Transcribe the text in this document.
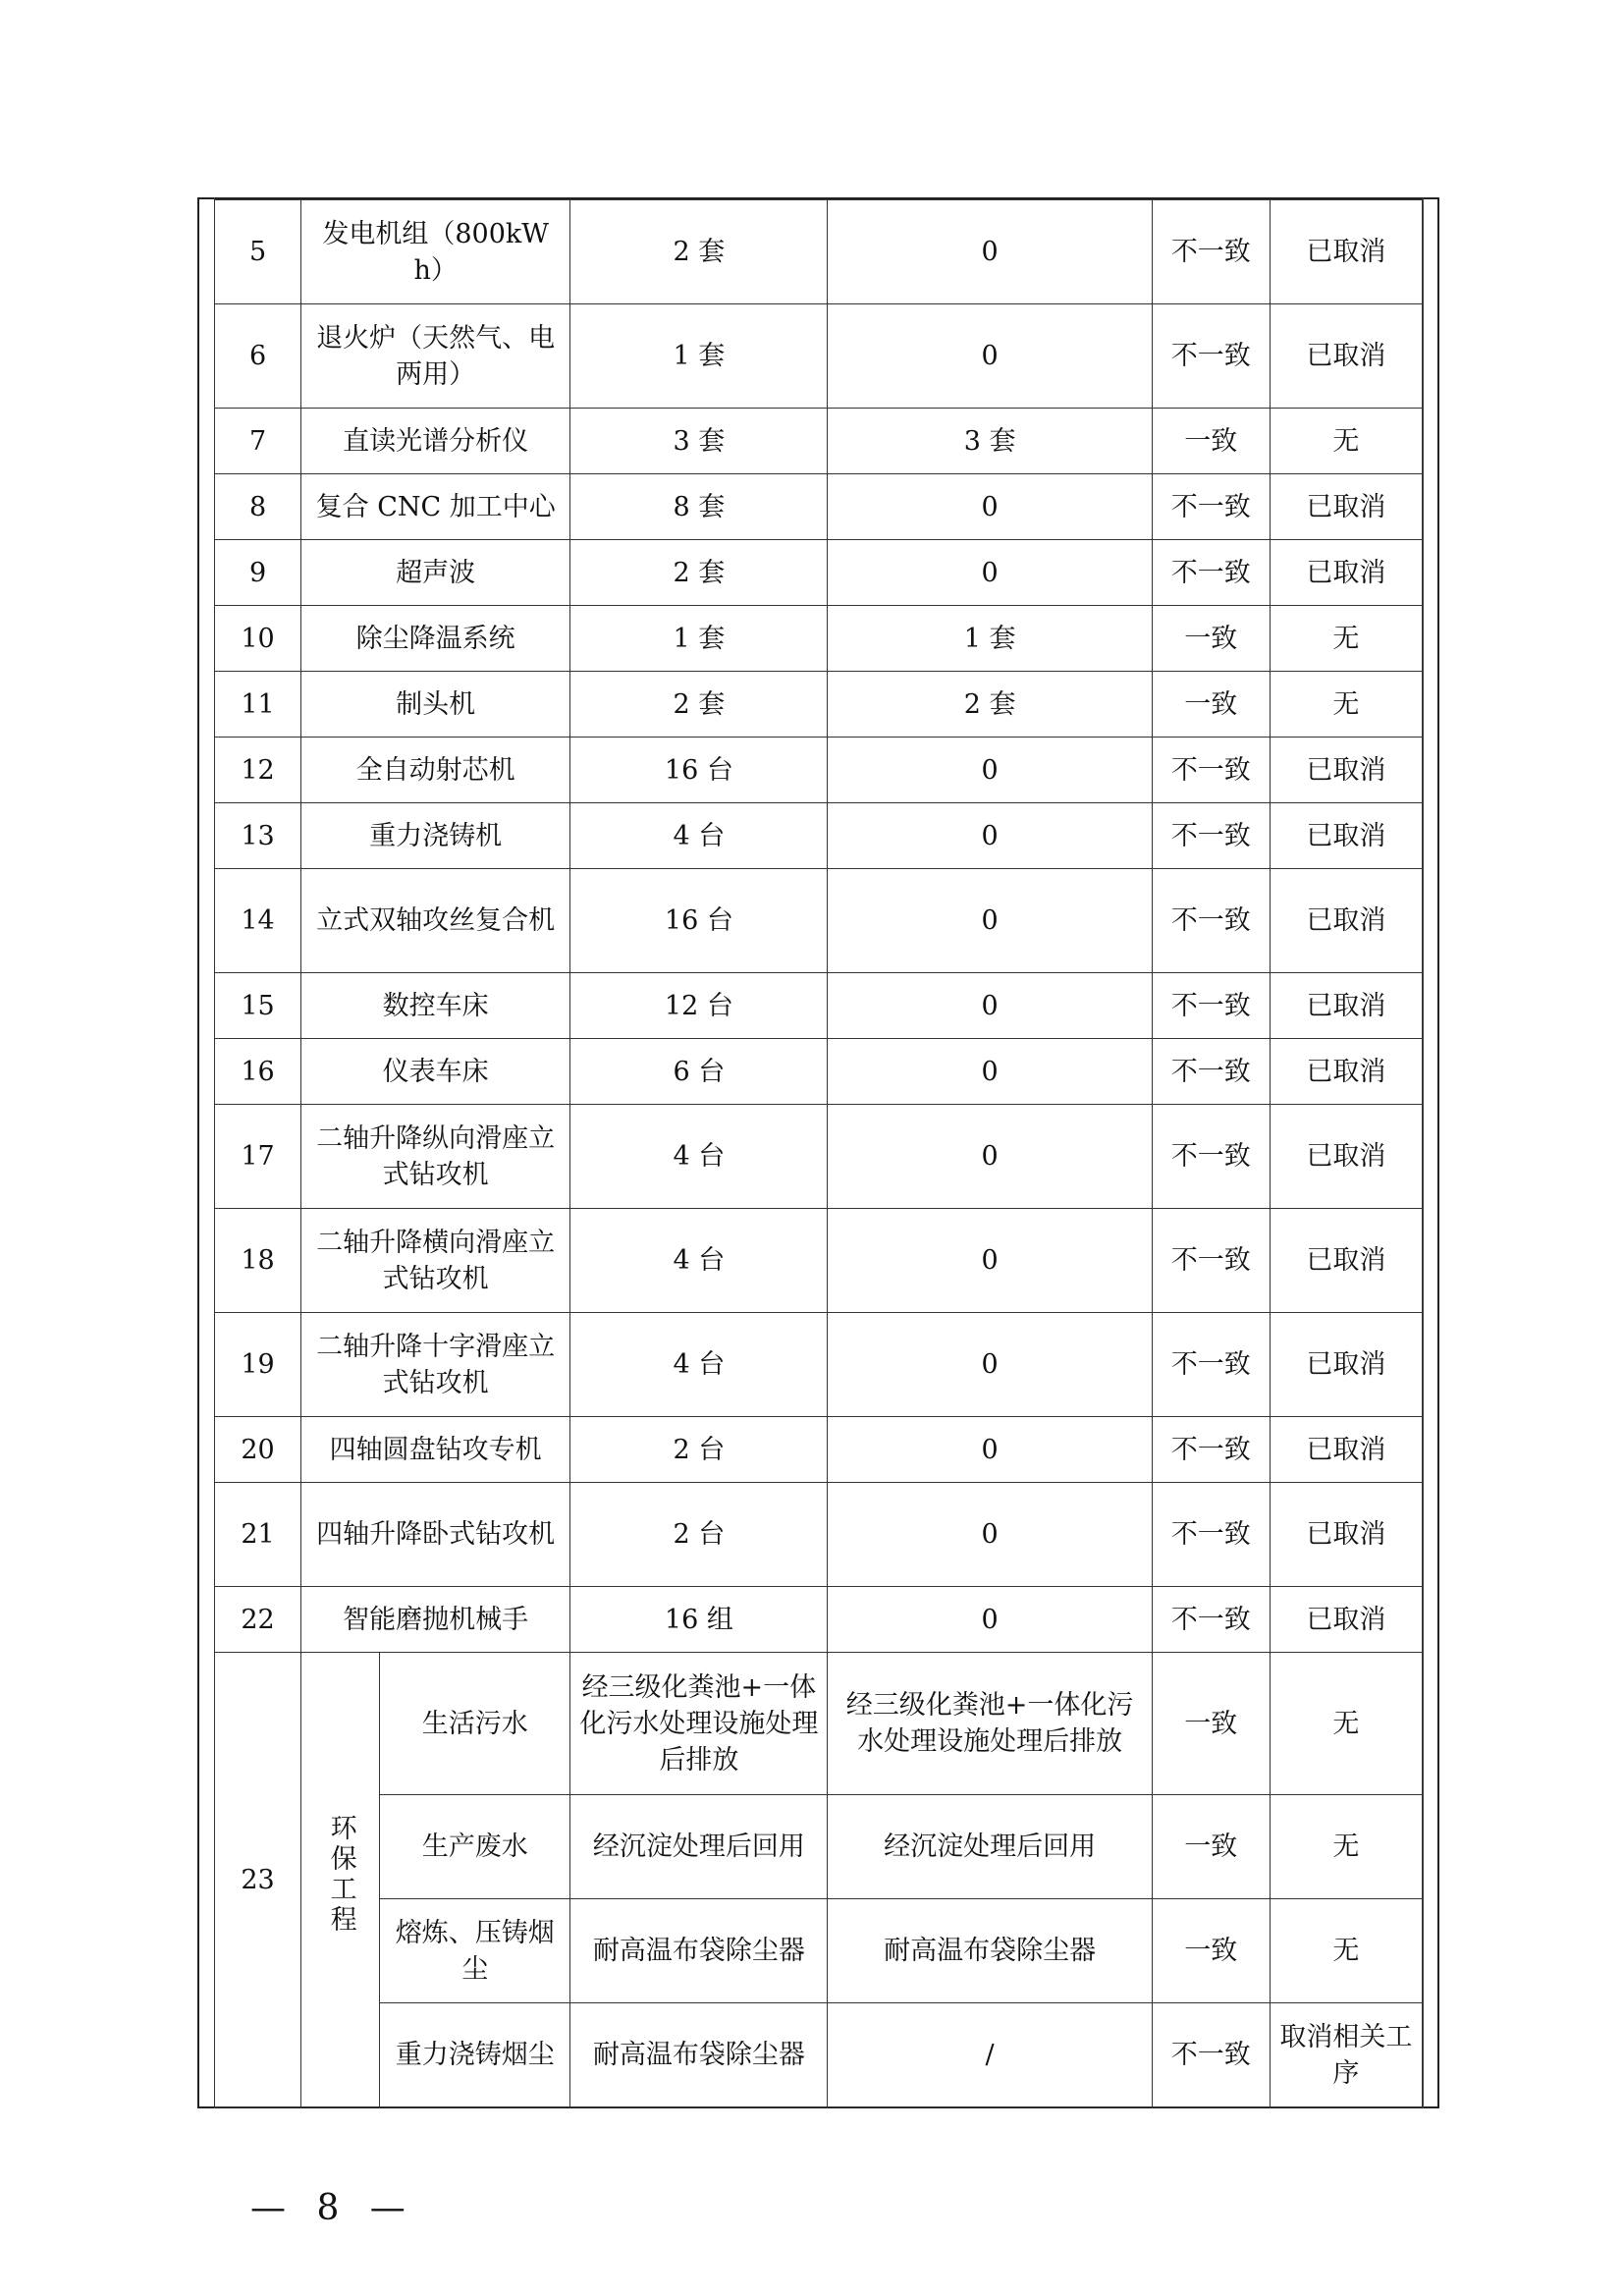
5	发电机组（800kWh）		2 套	0	不一致	已取消
6	退火炉（天然气、电两用）		1 套	0	不一致	已取消
7	直读光谱分析仪		3 套	3 套	一致	无
8	复合 CNC 加工中心		8 套	0	不一致	已取消
9	超声波		2 套	0	不一致	已取消
10	除尘降温系统		1 套	1 套	一致	无
11	制头机		2 套	2 套	一致	无
12	全自动射芯机		16 台	0	不一致	已取消
13	重力浇铸机		4 台	0	不一致	已取消
14	立式双轴攻丝复合机		16 台	0	不一致	已取消
15	数控车床		12 台	0	不一致	已取消
16	仪表车床		6 台	0	不一致	已取消
17	二轴升降纵向滑座立式钻攻机		4 台	0	不一致	已取消
18	二轴升降横向滑座立式钻攻机		4 台	0	不一致	已取消
19	二轴升降十字滑座立式钻攻机		4 台	0	不一致	已取消
20	四轴圆盘钻攻专机		2 台	0	不一致	已取消
21	四轴升降卧式钻攻机		2 台	0	不一致	已取消
22	智能磨抛机械手		16 组	0	不一致	已取消
23	环保工程	生活污水	经三级化粪池+一体化污水处理设施处理后排放	经三级化粪池+一体化污水处理设施处理后排放	一致	无
		生产废水	经沉淀处理后回用	经沉淀处理后回用	一致	无
		熔炼、压铸烟尘	耐高温布袋除尘器	耐高温布袋除尘器	一致	无
		重力浇铸烟尘	耐高温布袋除尘器	/	不一致	取消相关工序
— 8 —
